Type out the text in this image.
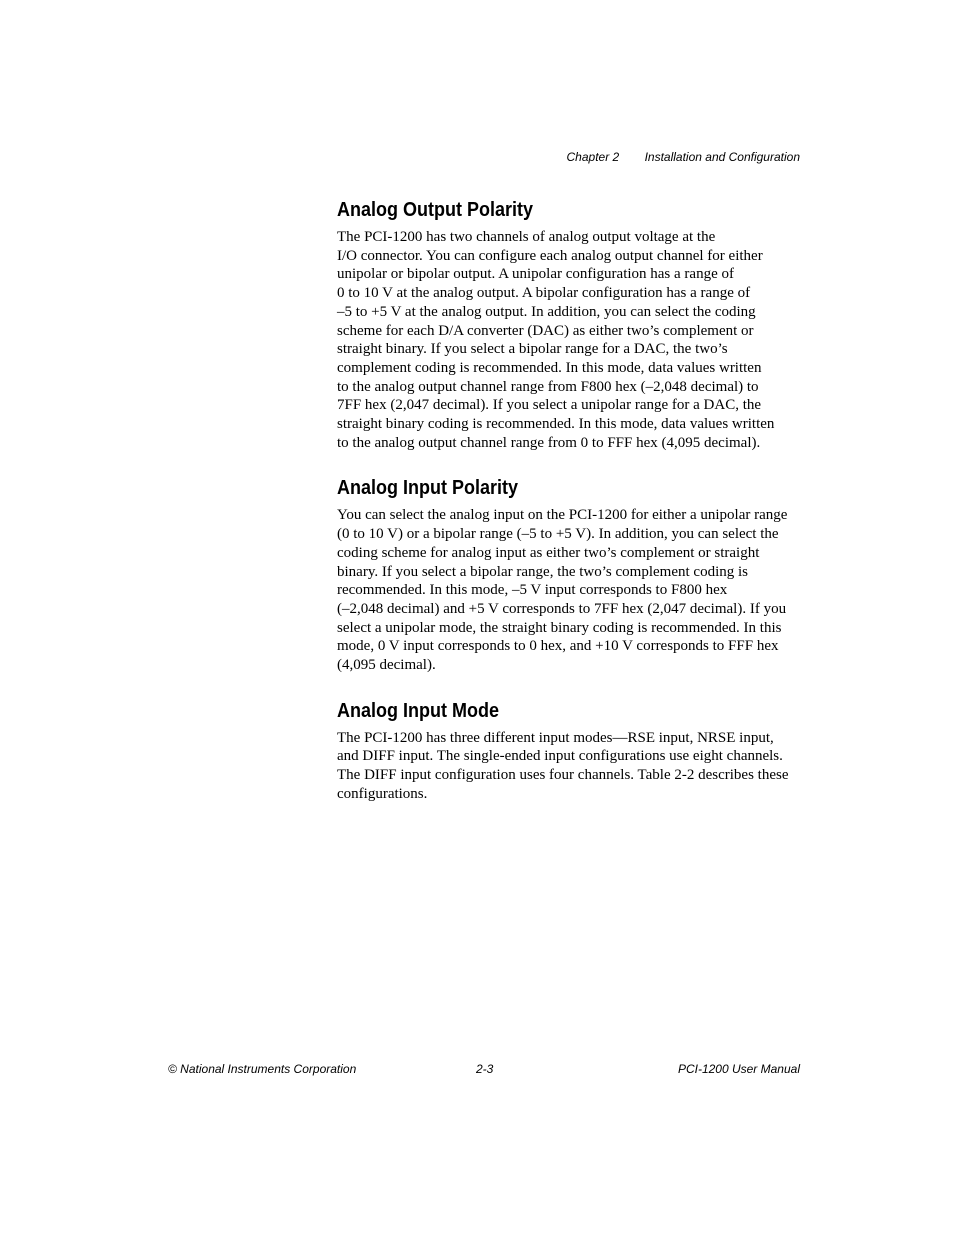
Chapter 2 Installation and Configuration
Analog Output Polarity
The PCI-1200 has two channels of analog output voltage at the
I/O connector. You can configure each analog output channel for either
unipolar or bipolar output. A unipolar configuration has a range of
0 to 10 V at the analog output. A bipolar configuration has a range of
–5 to +5 V at the analog output. In addition, you can select the coding
scheme for each D/A converter (DAC) as either two’s complement or
straight binary. If you select a bipolar range for a DAC, the two’s
complement coding is recommended. In this mode, data values written
to the analog output channel range from F800 hex (–2,048 decimal) to
7FF hex (2,047 decimal). If you select a unipolar range for a DAC, the
straight binary coding is recommended. In this mode, data values written
to the analog output channel range from 0 to FFF hex (4,095 decimal).
Analog Input Polarity
You can select the analog input on the PCI-1200 for either a unipolar range
(0 to 10 V) or a bipolar range (–5 to +5 V). In addition, you can select the
coding scheme for analog input as either two’s complement or straight
binary. If you select a bipolar range, the two’s complement coding is
recommended. In this mode, –5 V input corresponds to F800 hex
(–2,048 decimal) and +5 V corresponds to 7FF hex (2,047 decimal). If you
select a unipolar mode, the straight binary coding is recommended. In this
mode, 0 V input corresponds to 0 hex, and +10 V corresponds to FFF hex
(4,095 decimal).
Analog Input Mode
The PCI-1200 has three different input modes—RSE input, NRSE input,
and DIFF input. The single-ended input configurations use eight channels.
The DIFF input configuration uses four channels. Table 2-2 describes these
configurations.
© National Instruments Corporation	2-3	PCI-1200 User Manual
